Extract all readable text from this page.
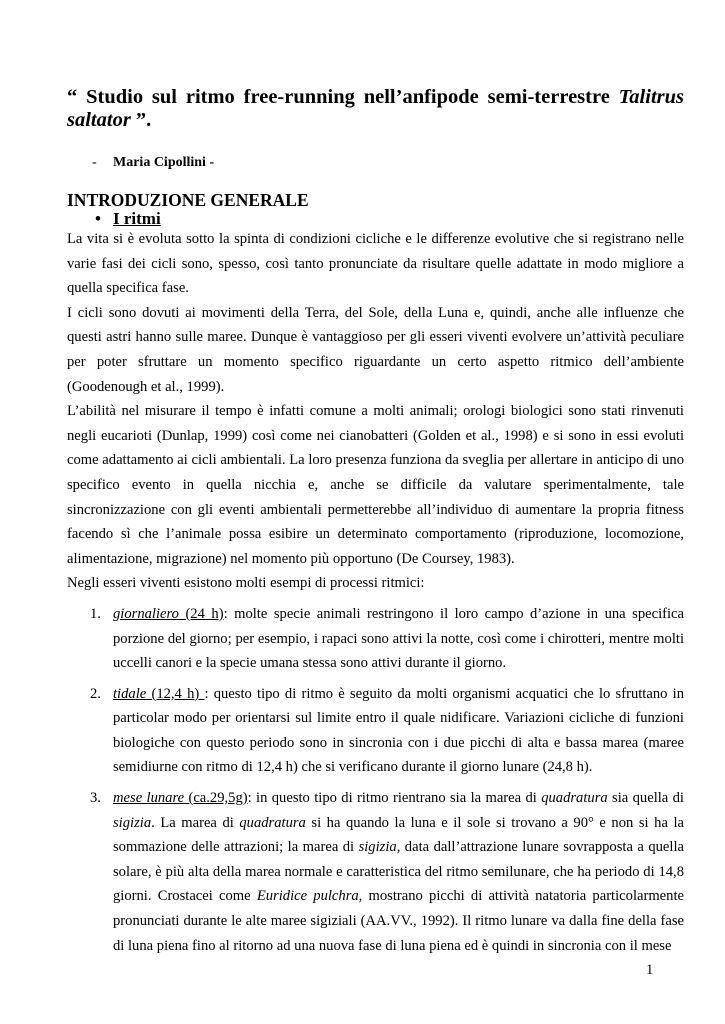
“ Studio sul ritmo free-running nell’anfipode semi-terrestre Talitrus saltator ”.
- Maria Cipollini -
INTRODUZIONE GENERALE
• I ritmi

La vita si è evoluta sotto la spinta di condizioni cicliche e le differenze evolutive che si registrano nelle varie fasi dei cicli sono, spesso, così tanto pronunciate da risultare quelle adattate in modo migliore a quella specifica fase.

I cicli sono dovuti ai movimenti della Terra, del Sole, della Luna e, quindi, anche alle influenze che questi astri hanno sulle maree. Dunque è vantaggioso per gli esseri viventi evolvere un’attività peculiare per poter sfruttare un momento specifico riguardante un certo aspetto ritmico dell’ambiente (Goodenough et al., 1999).

L’abilità nel misurare il tempo è infatti comune a molti animali; orologi biologici sono stati rinvenuti negli eucarioti (Dunlap, 1999) così come nei cianobatteri (Golden et al., 1998) e si sono in essi evoluti come adattamento ai cicli ambientali. La loro presenza funziona da sveglia per allertare in anticipo di uno specifico evento in quella nicchia e, anche se difficile da valutare sperimentalmente, tale sincronizzazione con gli eventi ambientali permetterebbe all’individuo di aumentare la propria fitness facendo sì che l’animale possa esibire un determinato comportamento (riproduzione, locomozione, alimentazione, migrazione) nel momento più opportuno (De Coursey, 1983).

Negli esseri viventi esistono molti esempi di processi ritmici:

1. giornaliero (24 h): molte specie animali restringono il loro campo d’azione in una specifica porzione del giorno; per esempio, i rapaci sono attivi la notte, così come i chirotteri, mentre molti uccelli canori e la specie umana stessa sono attivi durante il giorno.
2. tidale (12,4 h) : questo tipo di ritmo è seguito da molti organismi acquatici che lo sfruttano in particolar modo per orientarsi sul limite entro il quale nidificare. Variazioni cicliche di funzioni biologiche con questo periodo sono in sincronia con i due picchi di alta e bassa marea (maree semidiurne con ritmo di 12,4 h) che si verificano durante il giorno lunare (24,8 h).
3. mese lunare (ca.29,5g): in questo tipo di ritmo rientrano sia la marea di quadratura sia quella di sigizia. La marea di quadratura si ha quando la luna e il sole si trovano a 90° e non si ha la sommazione delle attrazioni; la marea di sigizia, data dall’attrazione lunare sovrapposta a quella solare, è più alta della marea normale e caratteristica del ritmo semilunare, che ha periodo di 14,8 giorni. Crostacei come Euridice pulchra, mostrano picchi di attività natatoria particolarmente pronunciati durante le alte maree sigiziali (AA.VV., 1992). Il ritmo lunare va dalla fine della fase di luna piena fino al ritorno ad una nuova fase di luna piena ed è quindi in sincronia con il mese
1
